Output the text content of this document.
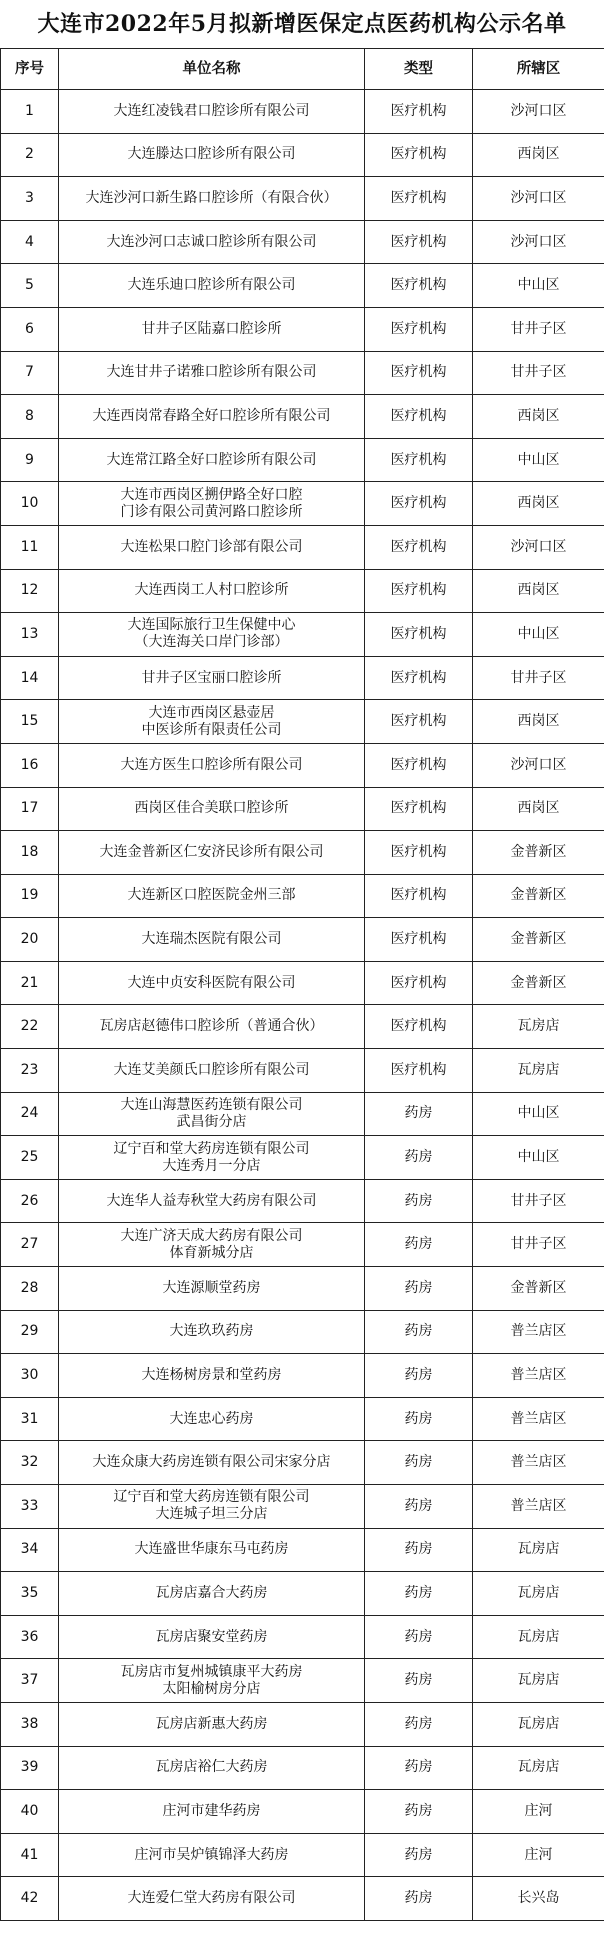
大连市2022年5月拟新增医保定点医药机构公示名单
序号	单位名称	类型	所辖区
1	大连红凌钱君口腔诊所有限公司	医疗机构	沙河口区
2	大连滕达口腔诊所有限公司	医疗机构	西岗区
3	大连沙河口新生路口腔诊所（有限合伙）	医疗机构	沙河口区
4	大连沙河口志诚口腔诊所有限公司	医疗机构	沙河口区
5	大连乐迪口腔诊所有限公司	医疗机构	中山区
6	甘井子区陆嘉口腔诊所	医疗机构	甘井子区
7	大连甘井子诺雅口腔诊所有限公司	医疗机构	甘井子区
8	大连西岗常春路全好口腔诊所有限公司	医疗机构	西岗区
9	大连常江路全好口腔诊所有限公司	医疗机构	中山区
10	大连市西岗区搠伊路全好口腔
门诊有限公司黄河路口腔诊所	医疗机构	西岗区
11	大连松果口腔门诊部有限公司	医疗机构	沙河口区
12	大连西岗工人村口腔诊所	医疗机构	西岗区
13	大连国际旅行卫生保健中心
（大连海关口岸门诊部）	医疗机构	中山区
14	甘井子区宝丽口腔诊所	医疗机构	甘井子区
15	大连市西岗区悬壶居
中医诊所有限责任公司	医疗机构	西岗区
16	大连方医生口腔诊所有限公司	医疗机构	沙河口区
17	西岗区佳合美联口腔诊所	医疗机构	西岗区
18	大连金普新区仁安济民诊所有限公司	医疗机构	金普新区
19	大连新区口腔医院金州三部	医疗机构	金普新区
20	大连瑞杰医院有限公司	医疗机构	金普新区
21	大连中贞安科医院有限公司	医疗机构	金普新区
22	瓦房店赵德伟口腔诊所（普通合伙）	医疗机构	瓦房店
23	大连艾美颜氏口腔诊所有限公司	医疗机构	瓦房店
24	大连山海慧医药连锁有限公司
武昌街分店	药房	中山区
25	辽宁百和堂大药房连锁有限公司
大连秀月一分店	药房	中山区
26	大连华人益寿秋堂大药房有限公司	药房	甘井子区
27	大连广济天成大药房有限公司
体育新城分店	药房	甘井子区
28	大连源顺堂药房	药房	金普新区
29	大连玖玖药房	药房	普兰店区
30	大连杨树房景和堂药房	药房	普兰店区
31	大连忠心药房	药房	普兰店区
32	大连众康大药房连锁有限公司宋家分店	药房	普兰店区
33	辽宁百和堂大药房连锁有限公司
大连城子坦三分店	药房	普兰店区
34	大连盛世华康东马屯药房	药房	瓦房店
35	瓦房店嘉合大药房	药房	瓦房店
36	瓦房店聚安堂药房	药房	瓦房店
37	瓦房店市复州城镇康平大药房
太阳榆树房分店	药房	瓦房店
38	瓦房店新惠大药房	药房	瓦房店
39	瓦房店裕仁大药房	药房	瓦房店
40	庄河市建华药房	药房	庄河
41	庄河市吴炉镇锦泽大药房	药房	庄河
42	大连爱仁堂大药房有限公司	药房	长兴岛
